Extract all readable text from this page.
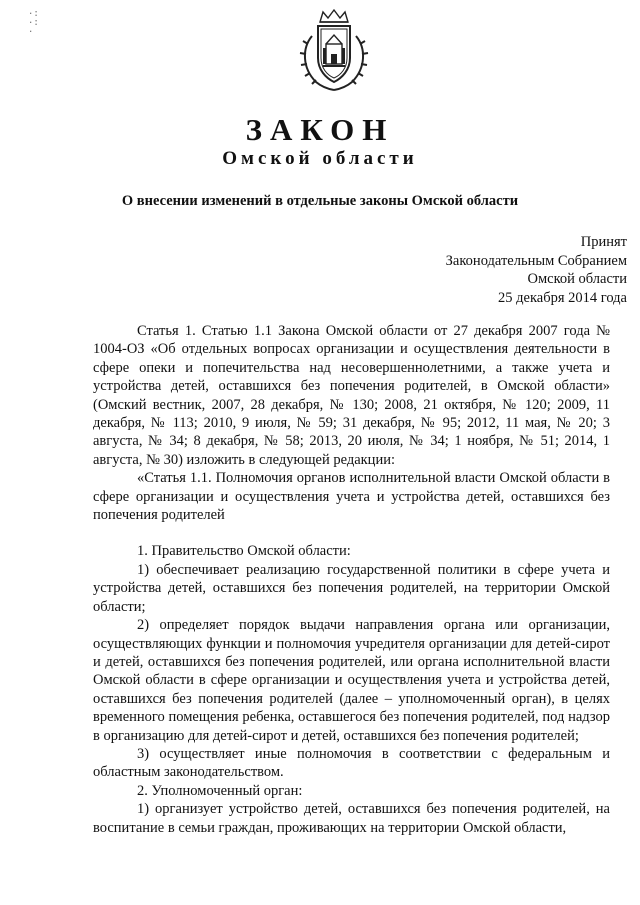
·:
·:
·
ЗАКОН
Омской области
О внесении изменений в отдельные законы Омской области
Принят
Законодательным Собранием
Омской области
25 декабря 2014 года

Статья 1. Статью 1.1 Закона Омской области от 27 декабря 2007 года № 1004-ОЗ «Об отдельных вопросах организации и осуществления деятельности в сфере опеки и попечительства над несовершеннолетними, а также учета и устройства детей, оставшихся без попечения родителей, в Омской области» (Омский вестник, 2007, 28 декабря, № 130; 2008, 21 октября, № 120; 2009, 11 декабря, № 113; 2010, 9 июля, № 59; 31 декабря, № 95; 2012, 11 мая, № 20; 3 августа, № 34; 8 декабря, № 58; 2013, 20 июля, № 34; 1 ноября, № 51; 2014, 1 августа, № 30) изложить в следующей редакции:

«Статья 1.1. Полномочия органов исполнительной власти Омской области в сфере организации и осуществления учета и устройства детей, оставшихся без попечения родителей

1. Правительство Омской области:

1) обеспечивает реализацию государственной политики в сфере учета и устройства детей, оставшихся без попечения родителей, на территории Омской области;

2) определяет порядок выдачи направления органа или организации, осуществляющих функции и полномочия учредителя организации для детей-сирот и детей, оставшихся без попечения родителей, или органа исполнительной власти Омской области в сфере организации и осуществления учета и устройства детей, оставшихся без попечения родителей (далее – уполномоченный орган), в целях временного помещения ребенка, оставшегося без попечения родителей, под надзор в организацию для детей-сирот и детей, оставшихся без попечения родителей;

3) осуществляет иные полномочия в соответствии с федеральным и областным законодательством.

2. Уполномоченный орган:

1) организует устройство детей, оставшихся без попечения родителей, на воспитание в семьи граждан, проживающих на территории Омской области,
